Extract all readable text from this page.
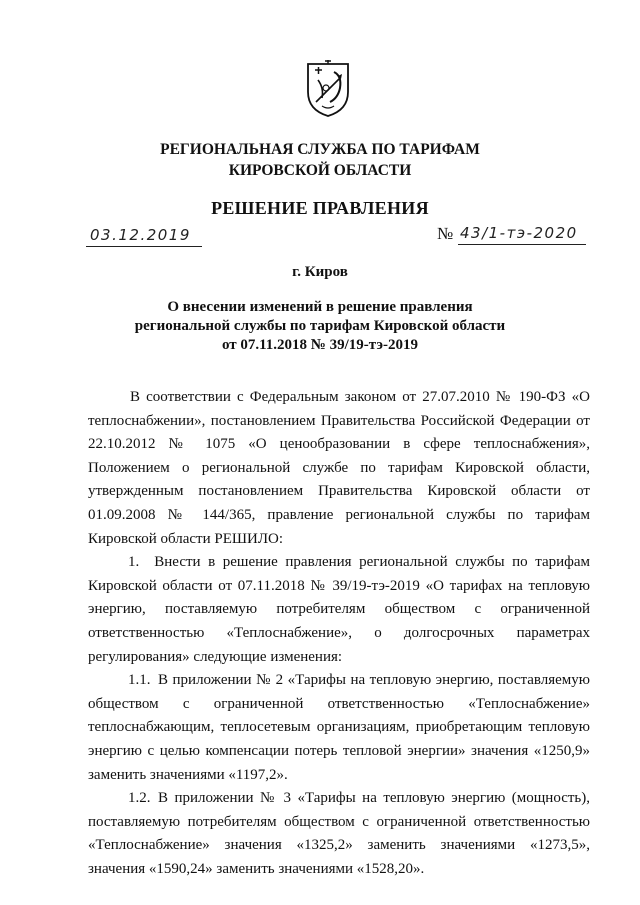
РЕГИОНАЛЬНАЯ СЛУЖБА ПО ТАРИФАМ
КИРОВСКОЙ ОБЛАСТИ
РЕШЕНИЕ ПРАВЛЕНИЯ
03.12.2019	№ 43/1-тэ-2020
г. Киров
О внесении изменений в решение правления
региональной службы по тарифам Кировской области
от 07.11.2018 № 39/19-тэ-2019

В соответствии с Федеральным законом от 27.07.2010 № 190-ФЗ «О теплоснабжении», постановлением Правительства Российской Федерации от 22.10.2012 № 1075 «О ценообразовании в сфере теплоснабжения», Положением о региональной службе по тарифам Кировской области, утвержденным постановлением Правительства Кировской области от 01.09.2008 № 144/365, правление региональной службы по тарифам Кировской области РЕШИЛО:

1. Внести в решение правления региональной службы по тарифам Кировской области от 07.11.2018 № 39/19-тэ-2019 «О тарифах на тепловую энергию, поставляемую потребителям обществом с ограниченной ответственностью «Теплоснабжение», о долгосрочных параметрах регулирования» следующие изменения:

1.1. В приложении № 2 «Тарифы на тепловую энергию, поставляемую обществом с ограниченной ответственностью «Теплоснабжение» теплоснабжающим, теплосетевым организациям, приобретающим тепловую энергию с целью компенсации потерь тепловой энергии» значения «1250,9» заменить значениями «1197,2».

1.2. В приложении № 3 «Тарифы на тепловую энергию (мощность), поставляемую потребителям обществом с ограниченной ответственностью «Теплоснабжение» значения «1325,2» заменить значениями «1273,5», значения «1590,24» заменить значениями «1528,20».
